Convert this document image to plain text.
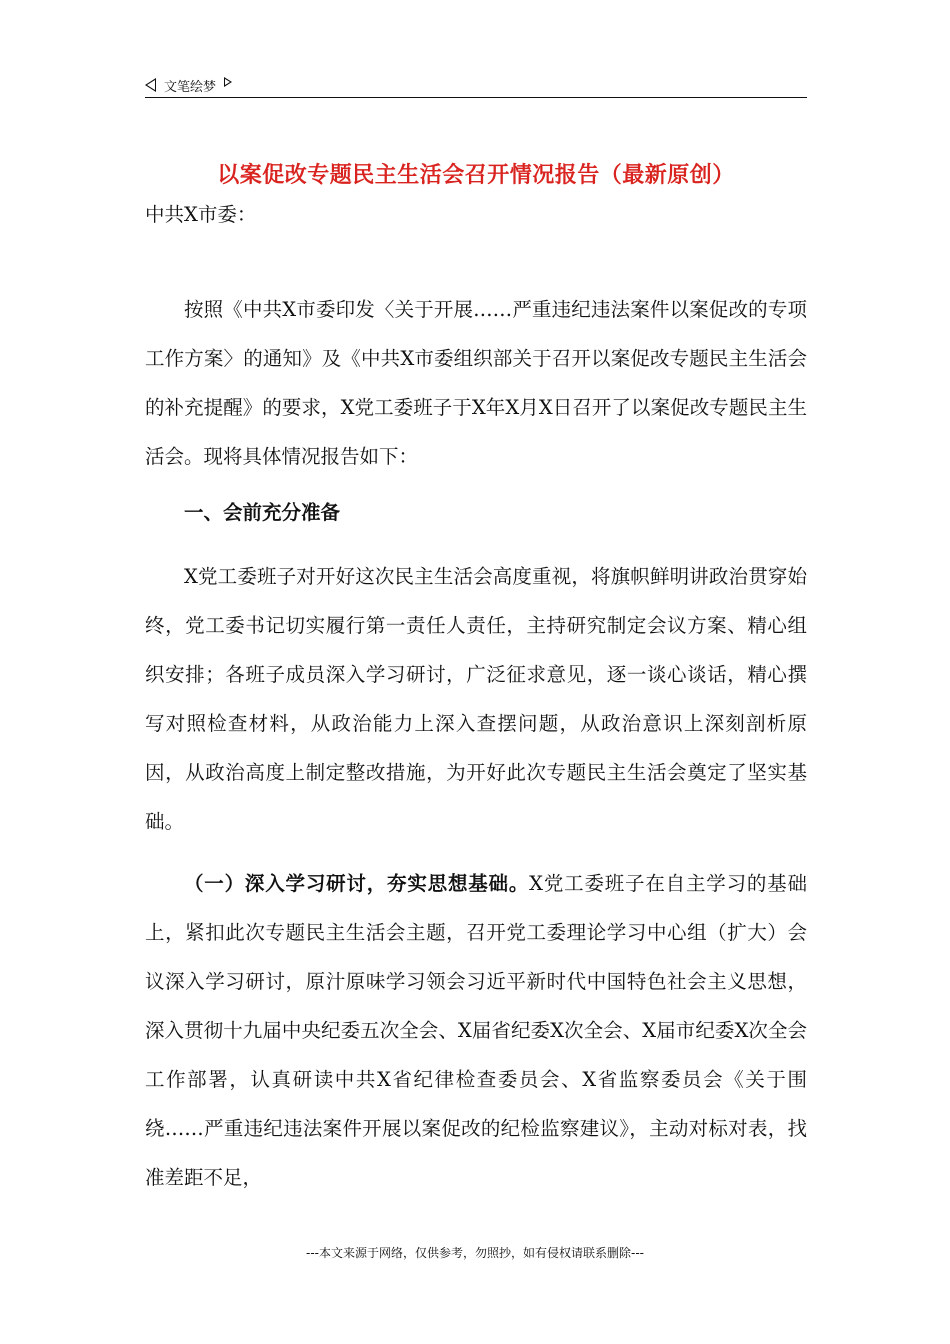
文笔绘梦
以案促改专题民主生活会召开情况报告（最新原创）

中共X市委：

按照《中共X市委印发〈关于开展……严重违纪违法案件以案促改的专项工作方案〉的通知》及《中共X市委组织部关于召开以案促改专题民主生活会的补充提醒》的要求，X党工委班子于X年X月X日召开了以案促改专题民主生活会。现将具体情况报告如下：

一、会前充分准备

X党工委班子对开好这次民主生活会高度重视，将旗帜鲜明讲政治贯穿始终，党工委书记切实履行第一责任人责任，主持研究制定会议方案、精心组织安排；各班子成员深入学习研讨，广泛征求意见，逐一谈心谈话，精心撰写对照检查材料，从政治能力上深入查摆问题，从政治意识上深刻剖析原因，从政治高度上制定整改措施，为开好此次专题民主生活会奠定了坚实基础。

（一）深入学习研讨，夯实思想基础。X党工委班子在自主学习的基础上，紧扣此次专题民主生活会主题，召开党工委理论学习中心组（扩大）会议深入学习研讨，原汁原味学习领会习近平新时代中国特色社会主义思想，深入贯彻十九届中央纪委五次全会、X届省纪委X次全会、X届市纪委X次全会工作部署，认真研读中共X省纪律检查委员会、X省监察委员会《关于围绕……严重违纪违法案件开展以案促改的纪检监察建议》，主动对标对表，找准差距不足，

---本文来源于网络，仅供参考，勿照抄，如有侵权请联系删除---
